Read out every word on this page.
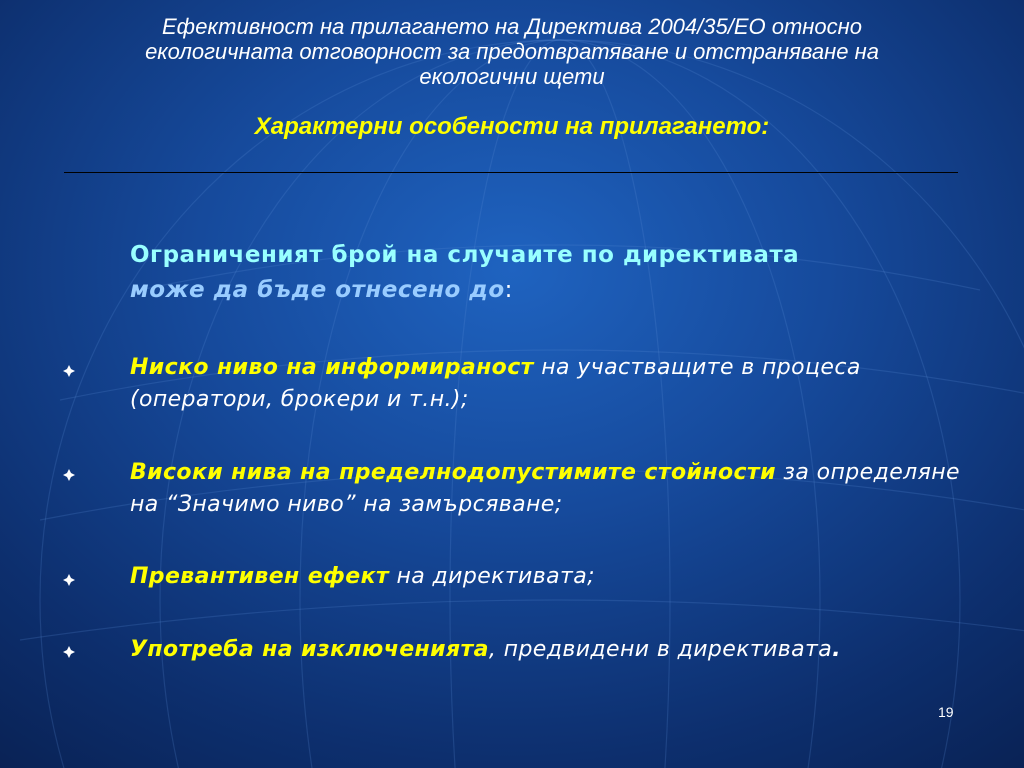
Ефективност на прилагането на Директива 2004/35/ЕО относно
екологичната отговорност за предотвратяване и отстраняване на
екологични щети
Характерни особености на прилагането:
Ограниченият брой на случаите по директивата
може да бъде отнесено до:
Ниско ниво на информираност на участващите в процеса (оператори, брокери и т.н.);
Високи нива на пределнодопустимите стойности за определяне на “Значимо ниво” на замърсяване;
Превантивен ефект на директивата;
Употреба на изключенията, предвидени в директивата.
19
